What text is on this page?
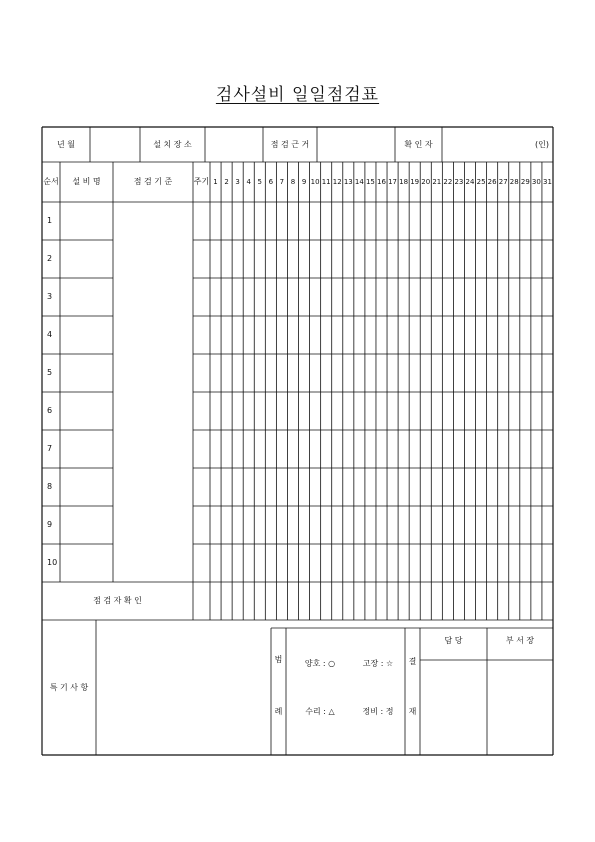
검사설비 일일점검표
년 월	설 치 장 소	점 검 근 거	확 인 자	(인)
순서	설 비 명	점 검 기 준	주기 1 2 3 4 5 6 7 8 9 10 11 12 13 14 15 16 17 18 19 20 21 22 23 24 25 26 27 28 29 30 31
1
2
3
4
5
6
7
8
9
10
점 검 자 확 인
특 기 사 항
범
례
양호 : ○	고장 : ☆
수리 : △	정비 : 정
결
재
담 당	부 서 장
